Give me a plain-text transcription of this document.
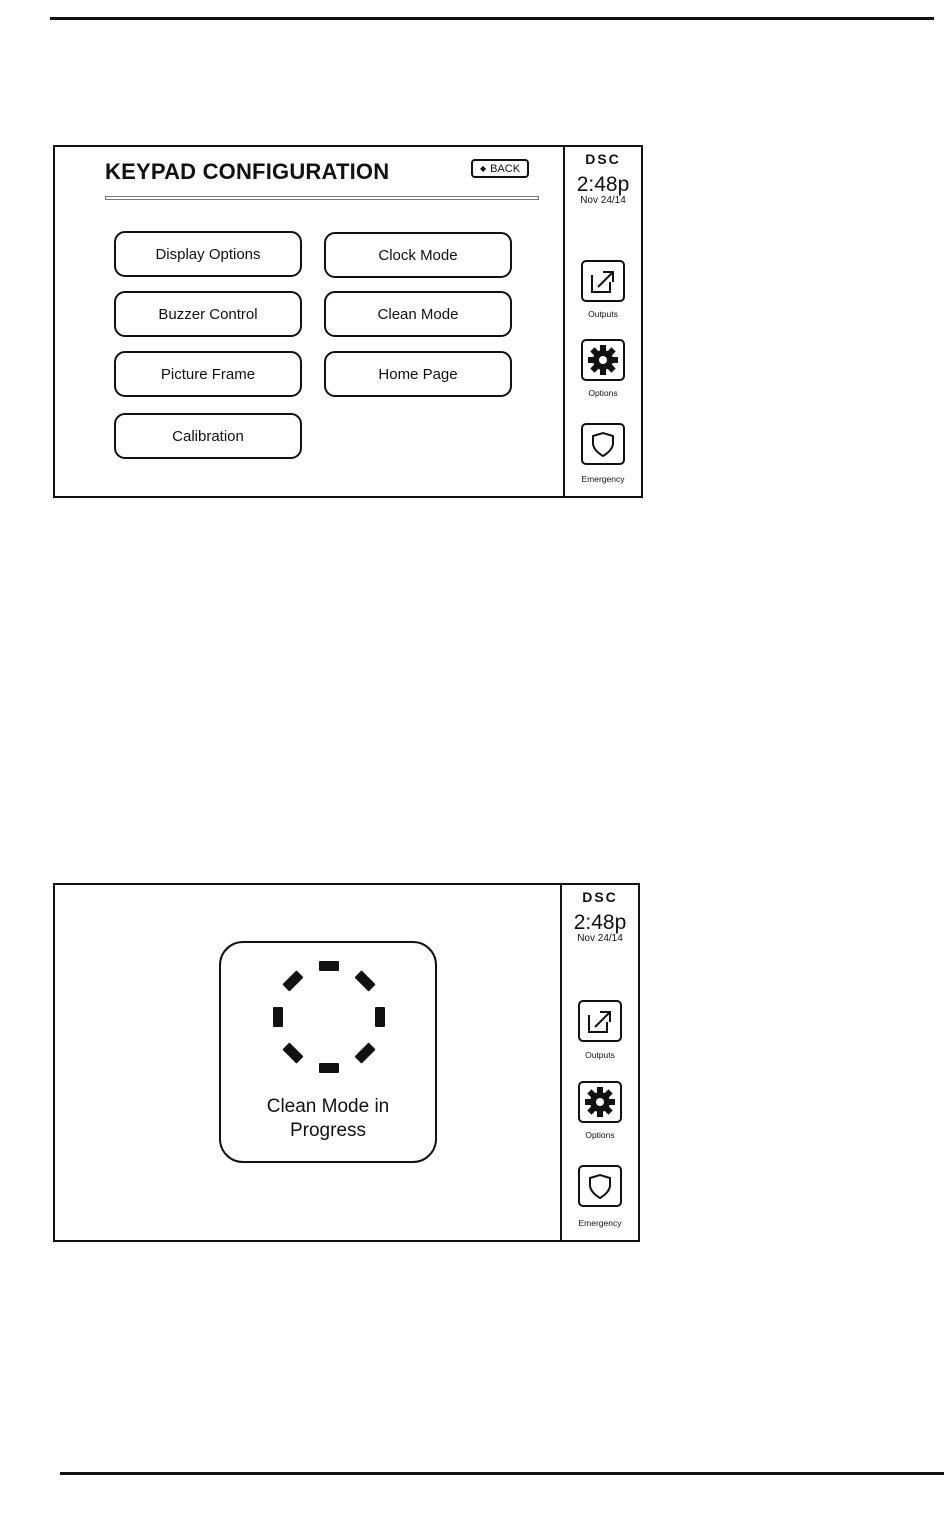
KEYPAD CONFIGURATION	◆ BACK
Display Options	Clock Mode
Buzzer Control	Clean Mode
Picture Frame	Home Page
Calibration
DSC
2:48p
Nov 24/14
Outputs
Options
Emergency
Clean Mode in
Progress
DSC
2:48p
Nov 24/14
Outputs
Options
Emergency
